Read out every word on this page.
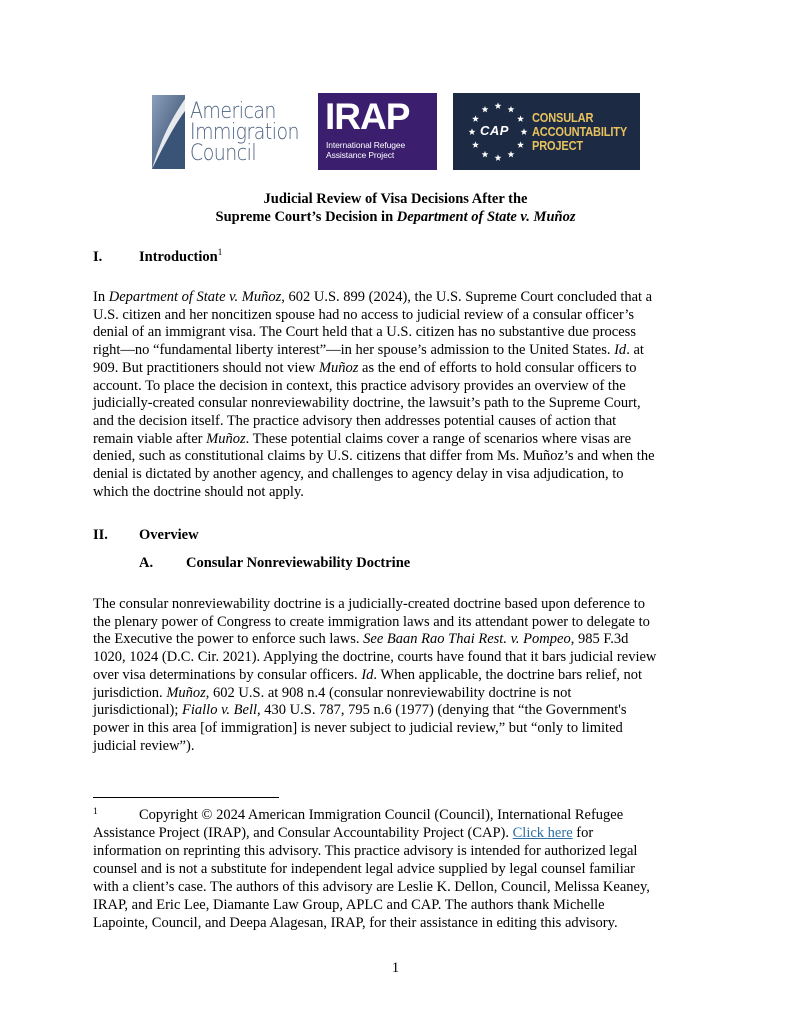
American
Immigration
Council
IRAP
International Refugee
Assistance Project
CAP
CONSULAR
ACCOUNTABILITY
PROJECT
Judicial Review of Visa Decisions After the
Supreme Court’s Decision in Department of State v. Muñoz
I.	Introduction$^1$
In Department of State v. Muñoz, 602 U.S. 899 (2024), the U.S. Supreme Court concluded that a
U.S. citizen and her noncitizen spouse had no access to judicial review of a consular officer’s
denial of an immigrant visa. The Court held that a U.S. citizen has no substantive due process
right—no “fundamental liberty interest”—in her spouse’s admission to the United States. Id. at
909. But practitioners should not view Muñoz as the end of efforts to hold consular officers to
account. To place the decision in context, this practice advisory provides an overview of the
judicially-created consular nonreviewability doctrine, the lawsuit’s path to the Supreme Court,
and the decision itself. The practice advisory then addresses potential causes of action that
remain viable after Muñoz. These potential claims cover a range of scenarios where visas are
denied, such as constitutional claims by U.S. citizens that differ from Ms. Muñoz’s and when the
denial is dictated by another agency, and challenges to agency delay in visa adjudication, to
which the doctrine should not apply.
II. Overview
A. Consular Nonreviewability Doctrine
The consular nonreviewability doctrine is a judicially-created doctrine based upon deference to
the plenary power of Congress to create immigration laws and its attendant power to delegate to
the Executive the power to enforce such laws. See Baan Rao Thai Rest. v. Pompeo, 985 F.3d
1020, 1024 (D.C. Cir. 2021). Applying the doctrine, courts have found that it bars judicial review
over visa determinations by consular officers. Id. When applicable, the doctrine bars relief, not
jurisdiction. Muñoz, 602 U.S. at 908 n.4 (consular nonreviewability doctrine is not
jurisdictional); Fiallo v. Bell, 430 U.S. 787, 795 n.6 (1977) (denying that “the Government's
power in this area [of immigration] is never subject to judicial review,” but “only to limited
judicial review”).
1	Copyright © 2024 American Immigration Council (Council), International Refugee
Assistance Project (IRAP), and Consular Accountability Project (CAP). Click here for
information on reprinting this advisory. This practice advisory is intended for authorized legal
counsel and is not a substitute for independent legal advice supplied by legal counsel familiar
with a client’s case. The authors of this advisory are Leslie K. Dellon, Council, Melissa Keaney,
IRAP, and Eric Lee, Diamante Law Group, APLC and CAP. The authors thank Michelle
Lapointe, Council, and Deepa Alagesan, IRAP, for their assistance in editing this advisory.
1
